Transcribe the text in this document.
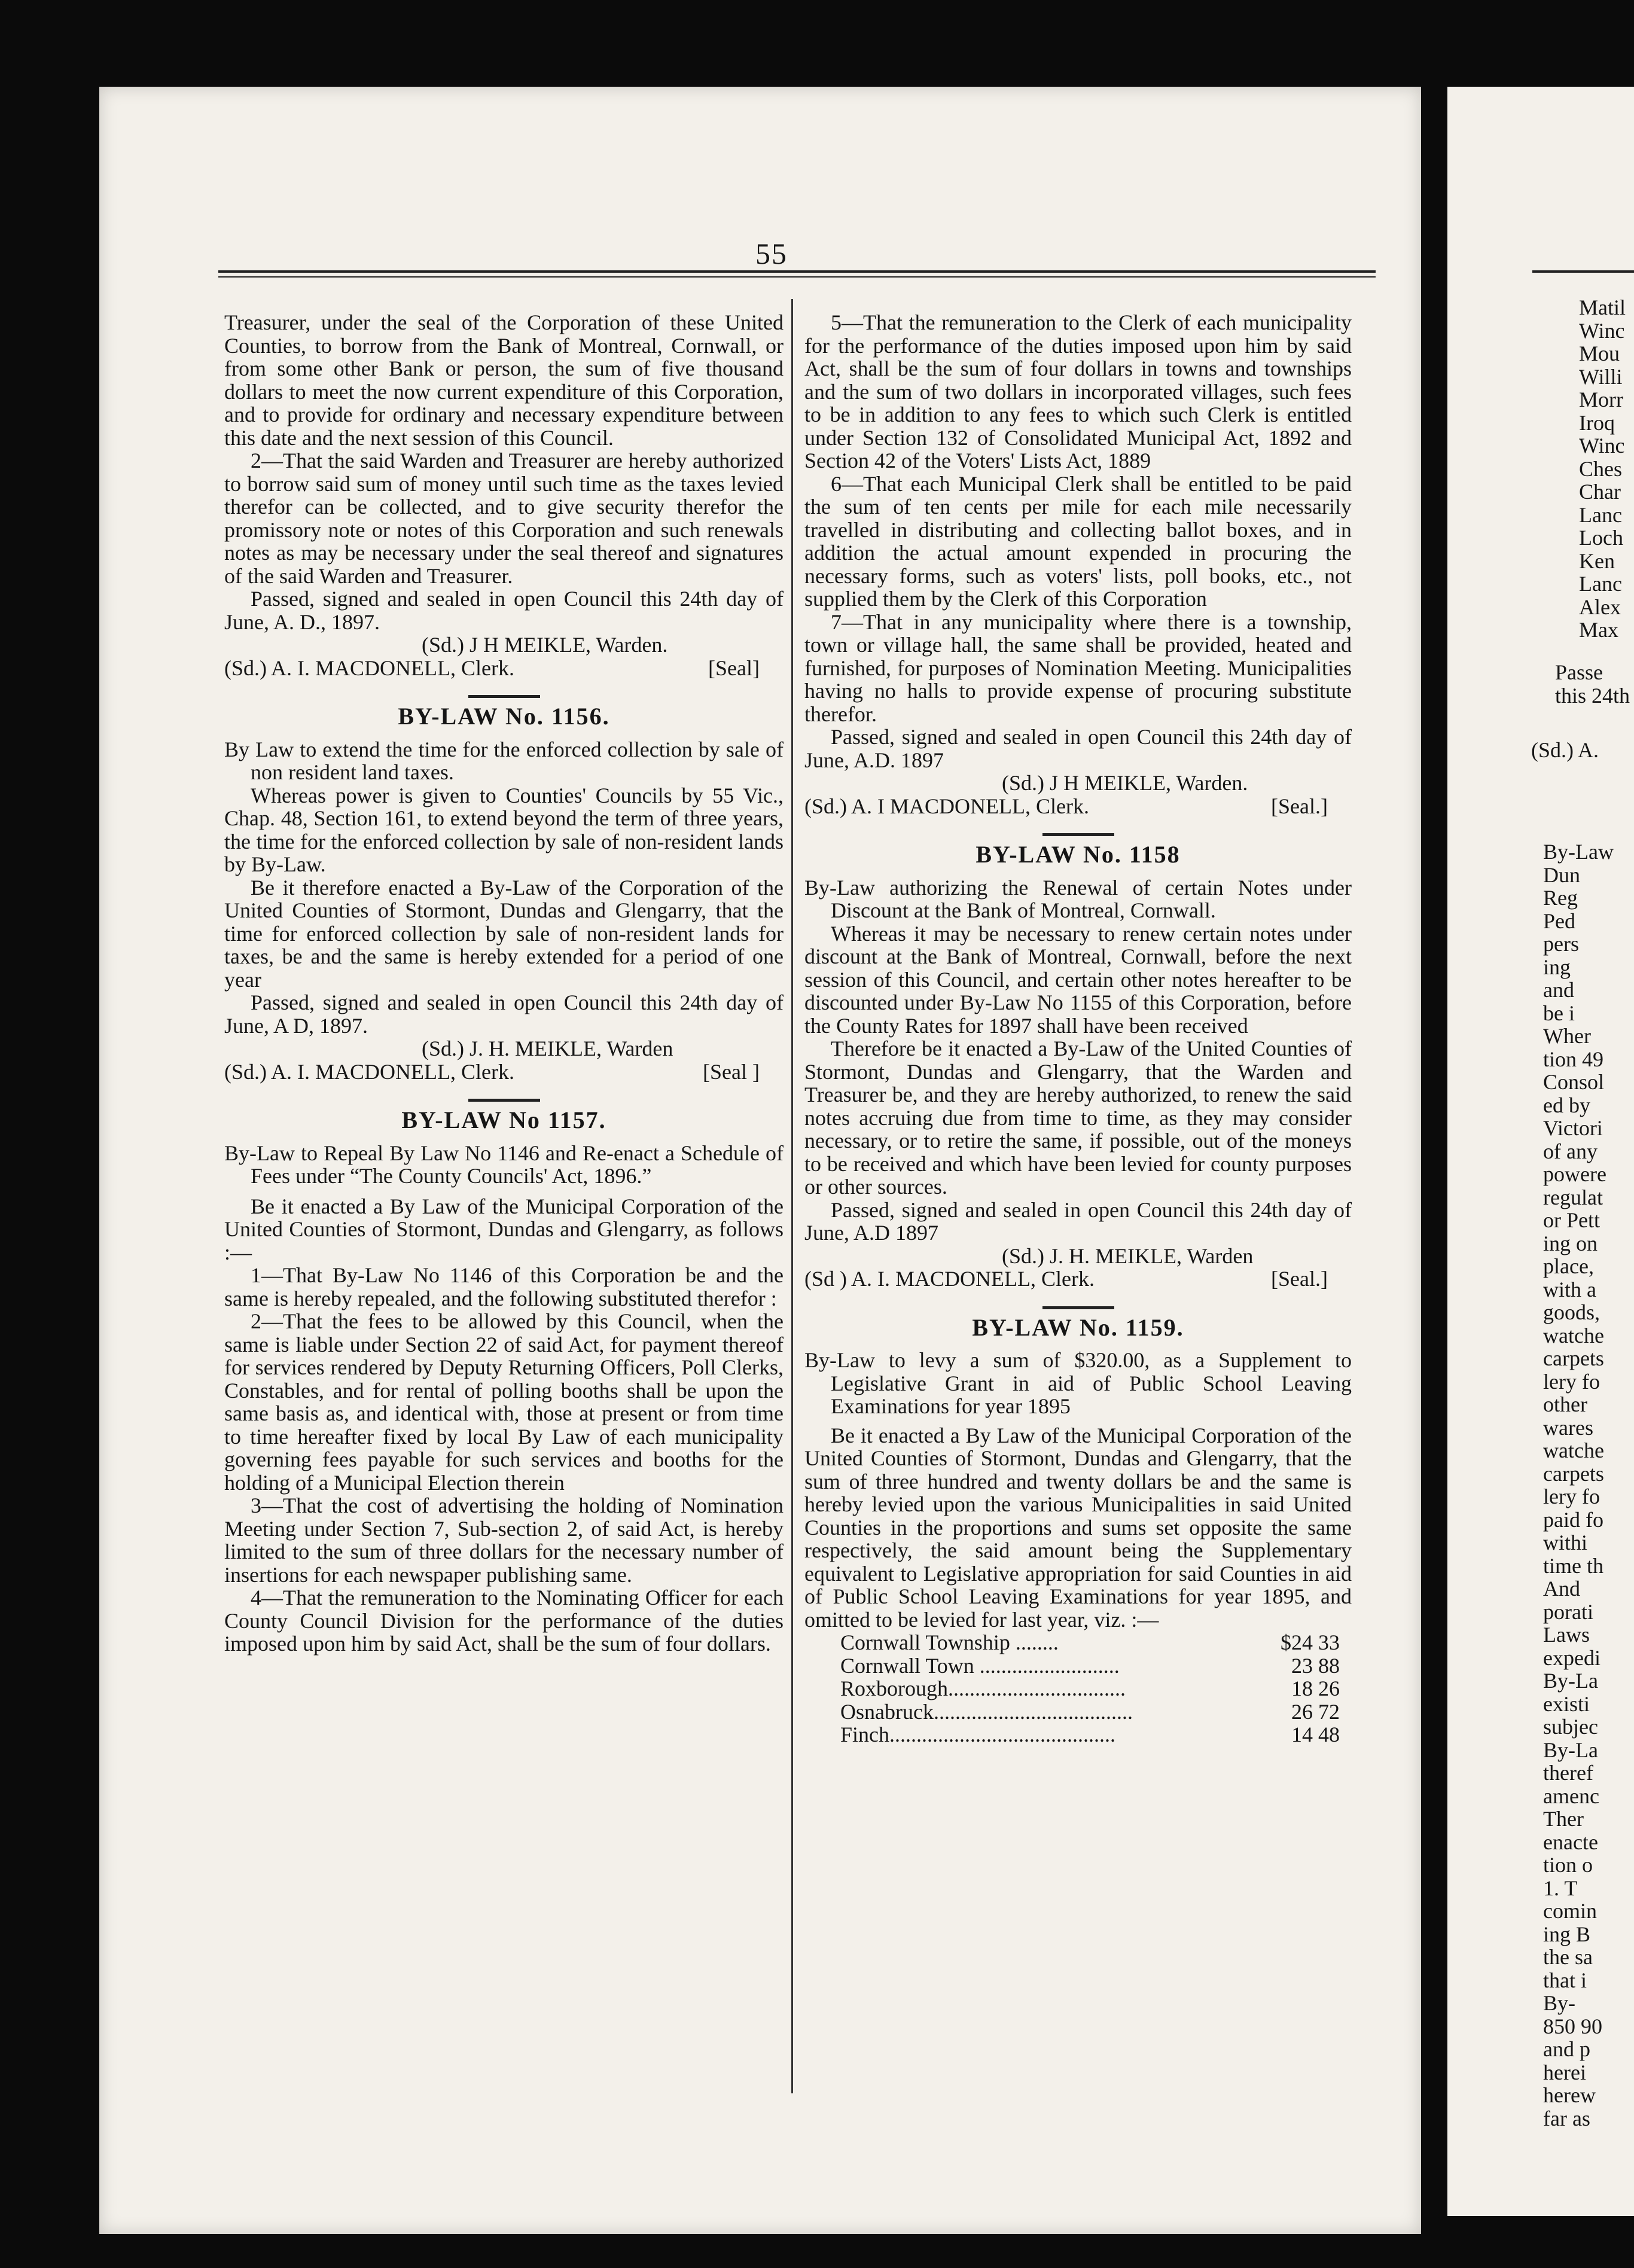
55

Treasurer, under the seal of the Corporation of these United Counties, to borrow from the Bank of Montreal, Cornwall, or from some other Bank or person, the sum of five thousand dollars to meet the now current expenditure of this Corporation, and to provide for ordinary and necessary expenditure between this date and the next session of this Council.

2—That the said Warden and Treasurer are hereby authorized to borrow said sum of money until such time as the taxes levied therefor can be collected, and to give security therefor the promissory note or notes of this Corporation and such renewals notes as may be necessary under the seal thereof and signatures of the said Warden and Treasurer.

Passed, signed and sealed in open Council this 24th day of June, A. D., 1897.

(Sd.) J H MEIKLE, Warden.

(Sd.) A. I. MACDONELL, Clerk.	[Seal]
BY-LAW No. 1156.

By Law to extend the time for the enforced collection by sale of non resident land taxes.

Whereas power is given to Counties' Councils by 55 Vic., Chap. 48, Section 161, to extend beyond the term of three years, the time for the enforced collection by sale of non-resident lands by By-Law.

Be it therefore enacted a By-Law of the Corporation of the United Counties of Stormont, Dundas and Glengarry, that the time for enforced collection by sale of non-resident lands for taxes, be and the same is hereby extended for a period of one year

Passed, signed and sealed in open Council this 24th day of June, A D, 1897.

(Sd.) J. H. MEIKLE, Warden

(Sd.) A. I. MACDONELL, Clerk.	[Seal ]
BY-LAW No 1157.

By-Law to Repeal By Law No 1146 and Re-enact a Schedule of Fees under “The County Councils' Act, 1896.”

Be it enacted a By Law of the Municipal Corporation of the United Counties of Stormont, Dundas and Glengarry, as follows :—

1—That By-Law No 1146 of this Corporation be and the same is hereby repealed, and the following substituted therefor :

2—That the fees to be allowed by this Council, when the same is liable under Section 22 of said Act, for payment thereof for services rendered by Deputy Returning Officers, Poll Clerks, Constables, and for rental of polling booths shall be upon the same basis as, and identical with, those at present or from time to time hereafter fixed by local By Law of each municipality governing fees payable for such services and booths for the holding of a Municipal Election therein

3—That the cost of advertising the holding of Nomination Meeting under Section 7, Sub-section 2, of said Act, is hereby limited to the sum of three dollars for the necessary number of insertions for each newspaper publishing same.

4—That the remuneration to the Nominating Officer for each County Council Division for the performance of the duties imposed upon him by said Act, shall be the sum of four dollars.

5—That the remuneration to the Clerk of each municipality for the performance of the duties imposed upon him by said Act, shall be the sum of four dollars in towns and townships and the sum of two dollars in incorporated villages, such fees to be in addition to any fees to which such Clerk is entitled under Section 132 of Consolidated Municipal Act, 1892 and Section 42 of the Voters' Lists Act, 1889

6—That each Municipal Clerk shall be entitled to be paid the sum of ten cents per mile for each mile necessarily travelled in distributing and collecting ballot boxes, and in addition the actual amount expended in procuring the necessary forms, such as voters' lists, poll books, etc., not supplied them by the Clerk of this Corporation

7—That in any municipality where there is a township, town or village hall, the same shall be provided, heated and furnished, for purposes of Nomination Meeting. Municipalities having no halls to provide expense of procuring substitute therefor.

Passed, signed and sealed in open Council this 24th day of June, A.D. 1897

(Sd.) J H MEIKLE, Warden.

(Sd.) A. I MACDONELL, Clerk.	[Seal.]
BY-LAW No. 1158

By-Law authorizing the Renewal of certain Notes under Discount at the Bank of Montreal, Cornwall.

Whereas it may be necessary to renew certain notes under discount at the Bank of Montreal, Cornwall, before the next session of this Council, and certain other notes hereafter to be discounted under By-Law No 1155 of this Corporation, before the County Rates for 1897 shall have been received

Therefore be it enacted a By-Law of the United Counties of Stormont, Dundas and Glengarry, that the Warden and Treasurer be, and they are hereby authorized, to renew the said notes accruing due from time to time, as they may consider necessary, or to retire the same, if possible, out of the moneys to be received and which have been levied for county purposes or other sources.

Passed, signed and sealed in open Council this 24th day of June, A.D 1897

(Sd.) J. H. MEIKLE, Warden

(Sd ) A. I. MACDONELL, Clerk.	[Seal.]
BY-LAW No. 1159.

By-Law to levy a sum of $320.00, as a Supplement to Legislative Grant in aid of Public School Leaving Examinations for year 1895

Be it enacted a By Law of the Municipal Corporation of the United Counties of Stormont, Dundas and Glengarry, that the sum of three hundred and twenty dollars be and the same is hereby levied upon the various Municipalities in said United Counties in the proportions and sums set opposite the same respectively, the said amount being the Supplementary equivalent to Legislative appropriation for said Counties in aid of Public School Leaving Examinations for year 1895, and omitted to be levied for last year, viz. :—

Cornwall Township ........	$24 33
Cornwall Town ..........................	23 88
Roxborough.................................	18 26
Osnabruck.....................................	26 72
Finch..........................................	14 48
Matil
Winc
Mou
Willi
Morr
Iroq
Winc
Ches
Char
Lanc
Loch
Ken
Lanc
Alex
Max
Passe
this 24th
(Sd.) A.
By-Law
Dun
Reg
Ped
pers
ing
and
be i
Wher
tion 49
Consol
ed by
Victori
of any
powere
regulat
or Pett
ing on
place,
with a
goods,
watche
carpets
lery fo
other
wares
watche
carpets
lery fo
paid fo
withi
time th
And
porati
Laws
expedi
By-La
existi
subjec
By-La
theref
amenc
Ther
enacte
tion o
1. T
comin
ing B
the sa
that i
By-
850 90
and p
herei
herew
far as
